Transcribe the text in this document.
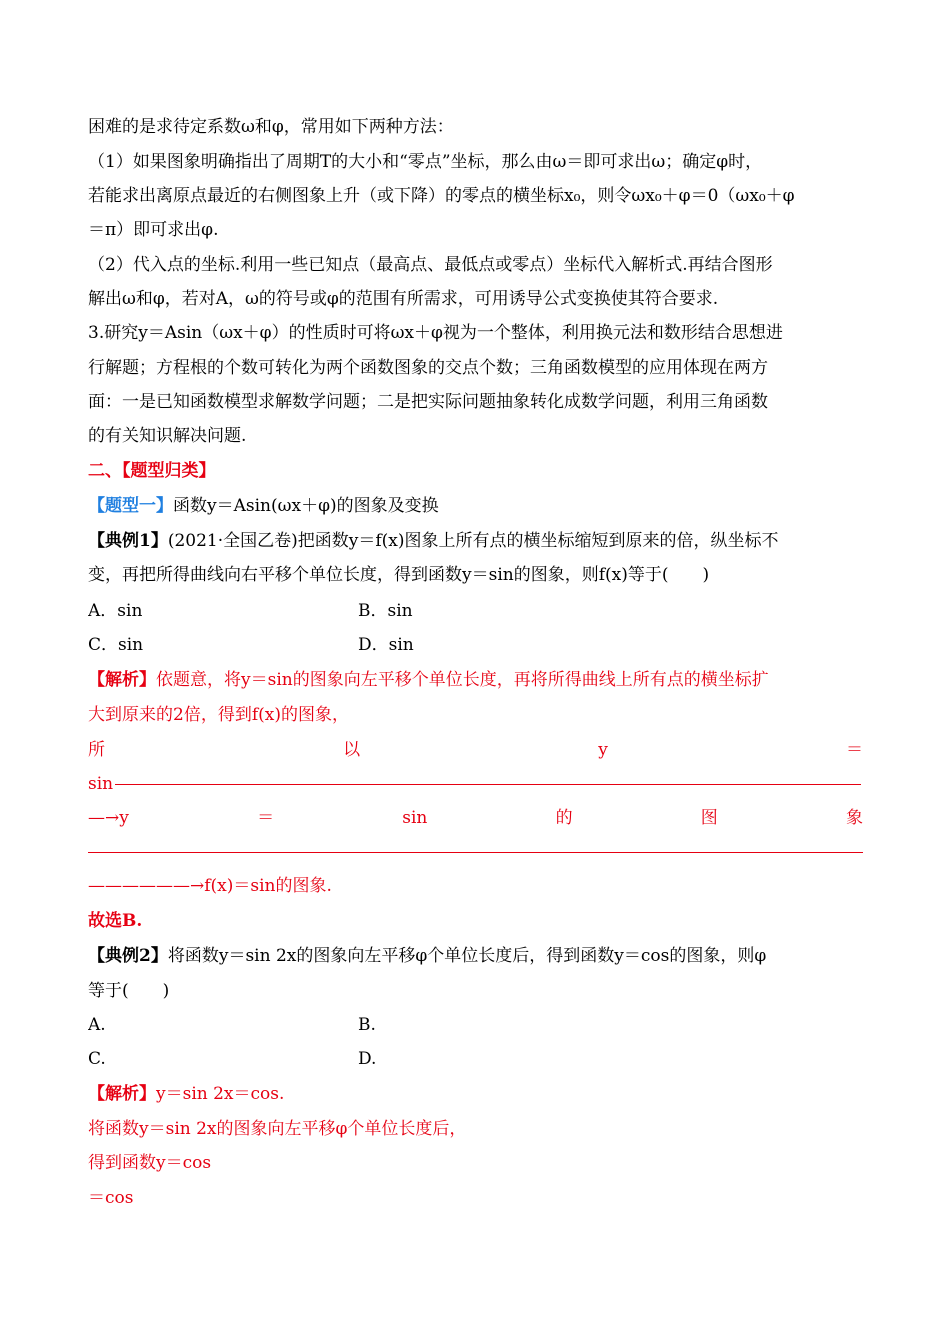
困难的是求待定系数ω和φ，常用如下两种方法：
（1）如果图象明确指出了周期T的大小和“零点”坐标，那么由ω＝即可求出ω；确定φ时，
若能求出离原点最近的右侧图象上升（或下降）的零点的横坐标x₀，则令ωx₀＋φ＝0（ωx₀＋φ
＝π）即可求出φ.
（2）代入点的坐标.利用一些已知点（最高点、最低点或零点）坐标代入解析式.再结合图形
解出ω和φ，若对A，ω的符号或φ的范围有所需求，可用诱导公式变换使其符合要求.
3.研究y＝Asin（ωx＋φ）的性质时可将ωx＋φ视为一个整体，利用换元法和数形结合思想进
行解题；方程根的个数可转化为两个函数图象的交点个数；三角函数模型的应用体现在两方
面：一是已知函数模型求解数学问题；二是把实际问题抽象转化成数学问题，利用三角函数
的有关知识解决问题.
二、【题型归类】
【题型一】函数y＝Asin(ωx＋φ)的图象及变换
【典例1】(2021·全国乙卷)把函数y＝f(x)图象上所有点的横坐标缩短到原来的倍，纵坐标不
变，再把所得曲线向右平移个单位长度，得到函数y＝sin的图象，则f(x)等于(　　)
A．sin	B．sin
C．sin	D．sin
【解析】依题意，将y＝sin的图象向左平移个单位长度，再将所得曲线上所有点的横坐标扩
大到原来的2倍，得到f(x)的图象，
所	以	y	＝
sin
—→y	＝	sin	的	图	象
——————→f(x)＝sin的图象.
故选B.
【典例2】将函数y＝sin 2x的图象向左平移φ个单位长度后，得到函数y＝cos的图象，则φ
等于(　　)
A.	B.
C.	D.
【解析】y＝sin 2x＝cos.
将函数y＝sin 2x的图象向左平移φ个单位长度后，
得到函数y＝cos
＝cos
